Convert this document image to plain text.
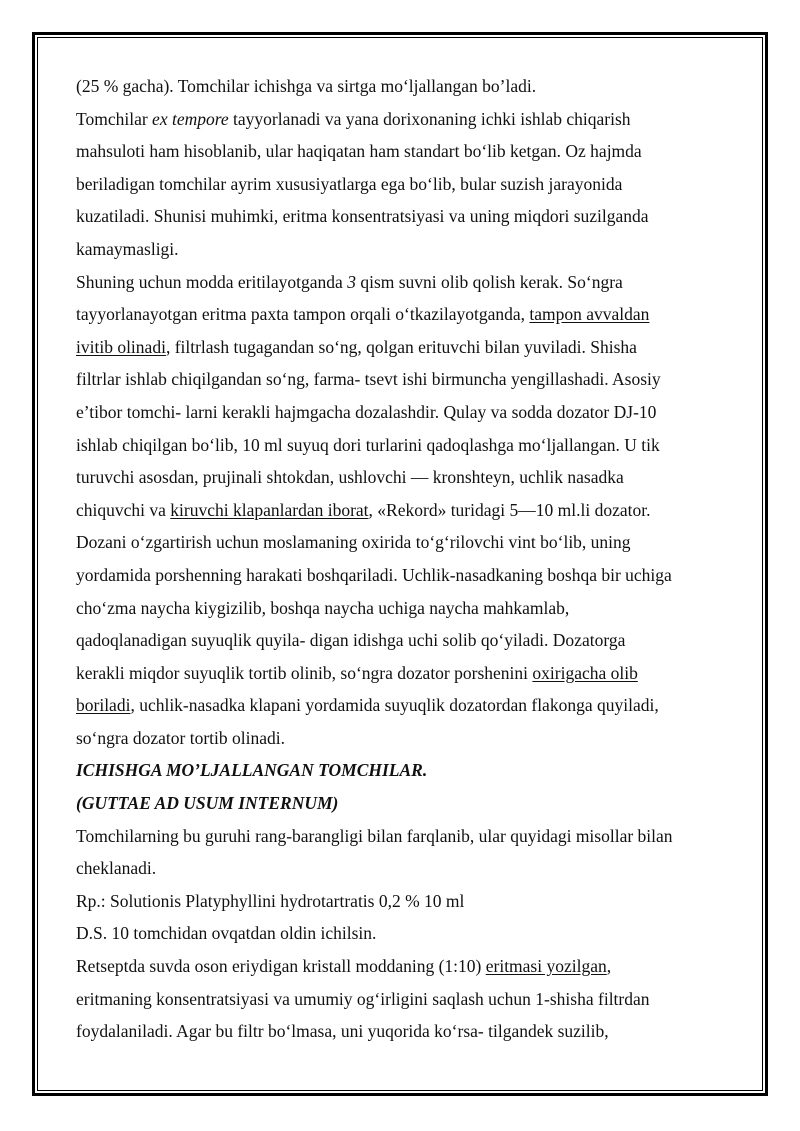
(25 % gacha). Tomchilar ichishga va sirtga mo‘ljallangan bo’ladi.
Tomchilar ex tempore tayyorlanadi va yana dorixonaning ichki ishlab chiqarish
mahsuloti ham hisoblanib, ular haqiqatan ham standart bo‘lib ketgan. Oz hajmda
beriladigan tomchilar ayrim xususiyatlarga ega bo‘lib, bular suzish jarayonida
kuzatiladi. Shunisi muhimki, eritma konsentratsiyasi va uning miqdori suzilganda
kamaymasligi.
Shuning uchun modda eritilayotganda 3 qism suvni olib qolish kerak. So‘ngra
tayyorlanayotgan eritma paxta tampon orqali o‘tkazilayotganda, tampon avvaldan
ivitib olinadi, filtrlash tugagandan so‘ng, qolgan erituvchi bilan yuviladi. Shisha
filtrlar ishlab chiqilgandan so‘ng, farma- tsevt ishi birmuncha yengillashadi. Asosiy
e’tibor tomchi- larni kerakli hajmgacha dozalashdir. Qulay va sodda dozator DJ-10
ishlab chiqilgan bo‘lib, 10 ml suyuq dori turlarini qadoqlashga mo‘ljallangan. U tik
turuvchi asosdan, prujinali shtokdan, ushlovchi — kronshteyn, uchlik nasadka
chiquvchi va kiruvchi klapanlardan iborat, «Rekord» turidagi 5—10 ml.li dozator.
Dozani o‘zgartirish uchun moslamaning oxirida to‘g‘rilovchi vint bo‘lib, uning
yordamida porshenning harakati boshqariladi. Uchlik-nasadkaning boshqa bir uchiga
cho‘zma naycha kiygizilib, boshqa naycha uchiga naycha mahkamlab,
qadoqlanadigan suyuqlik quyila- digan idishga uchi solib qo‘yiladi. Dozatorga
kerakli miqdor suyuqlik tortib olinib, so‘ngra dozator porshenini oxirigacha olib
boriladi, uchlik-nasadka klapani yordamida suyuqlik dozatordan flakonga quyiladi,
so‘ngra dozator tortib olinadi.
ICHISHGA MO’LJALLANGAN TOMCHILAR.
(GUTTAE AD USUM INTERNUM)
Tomchilarning bu guruhi rang-barangligi bilan farqlanib, ular quyidagi misollar bilan
cheklanadi.
Rp.: Solutionis Platyphyllini hydrotartratis 0,2 % 10 ml
D.S. 10 tomchidan ovqatdan oldin ichilsin.
Retseptda suvda oson eriydigan kristall moddaning (1:10) eritmasi yozilgan,
eritmaning konsentratsiyasi va umumiy og‘irligini saqlash uchun 1-shisha filtrdan
foydalaniladi. Agar bu filtr bo‘lmasa, uni yuqorida ko‘rsa- tilgandek suzilib,
